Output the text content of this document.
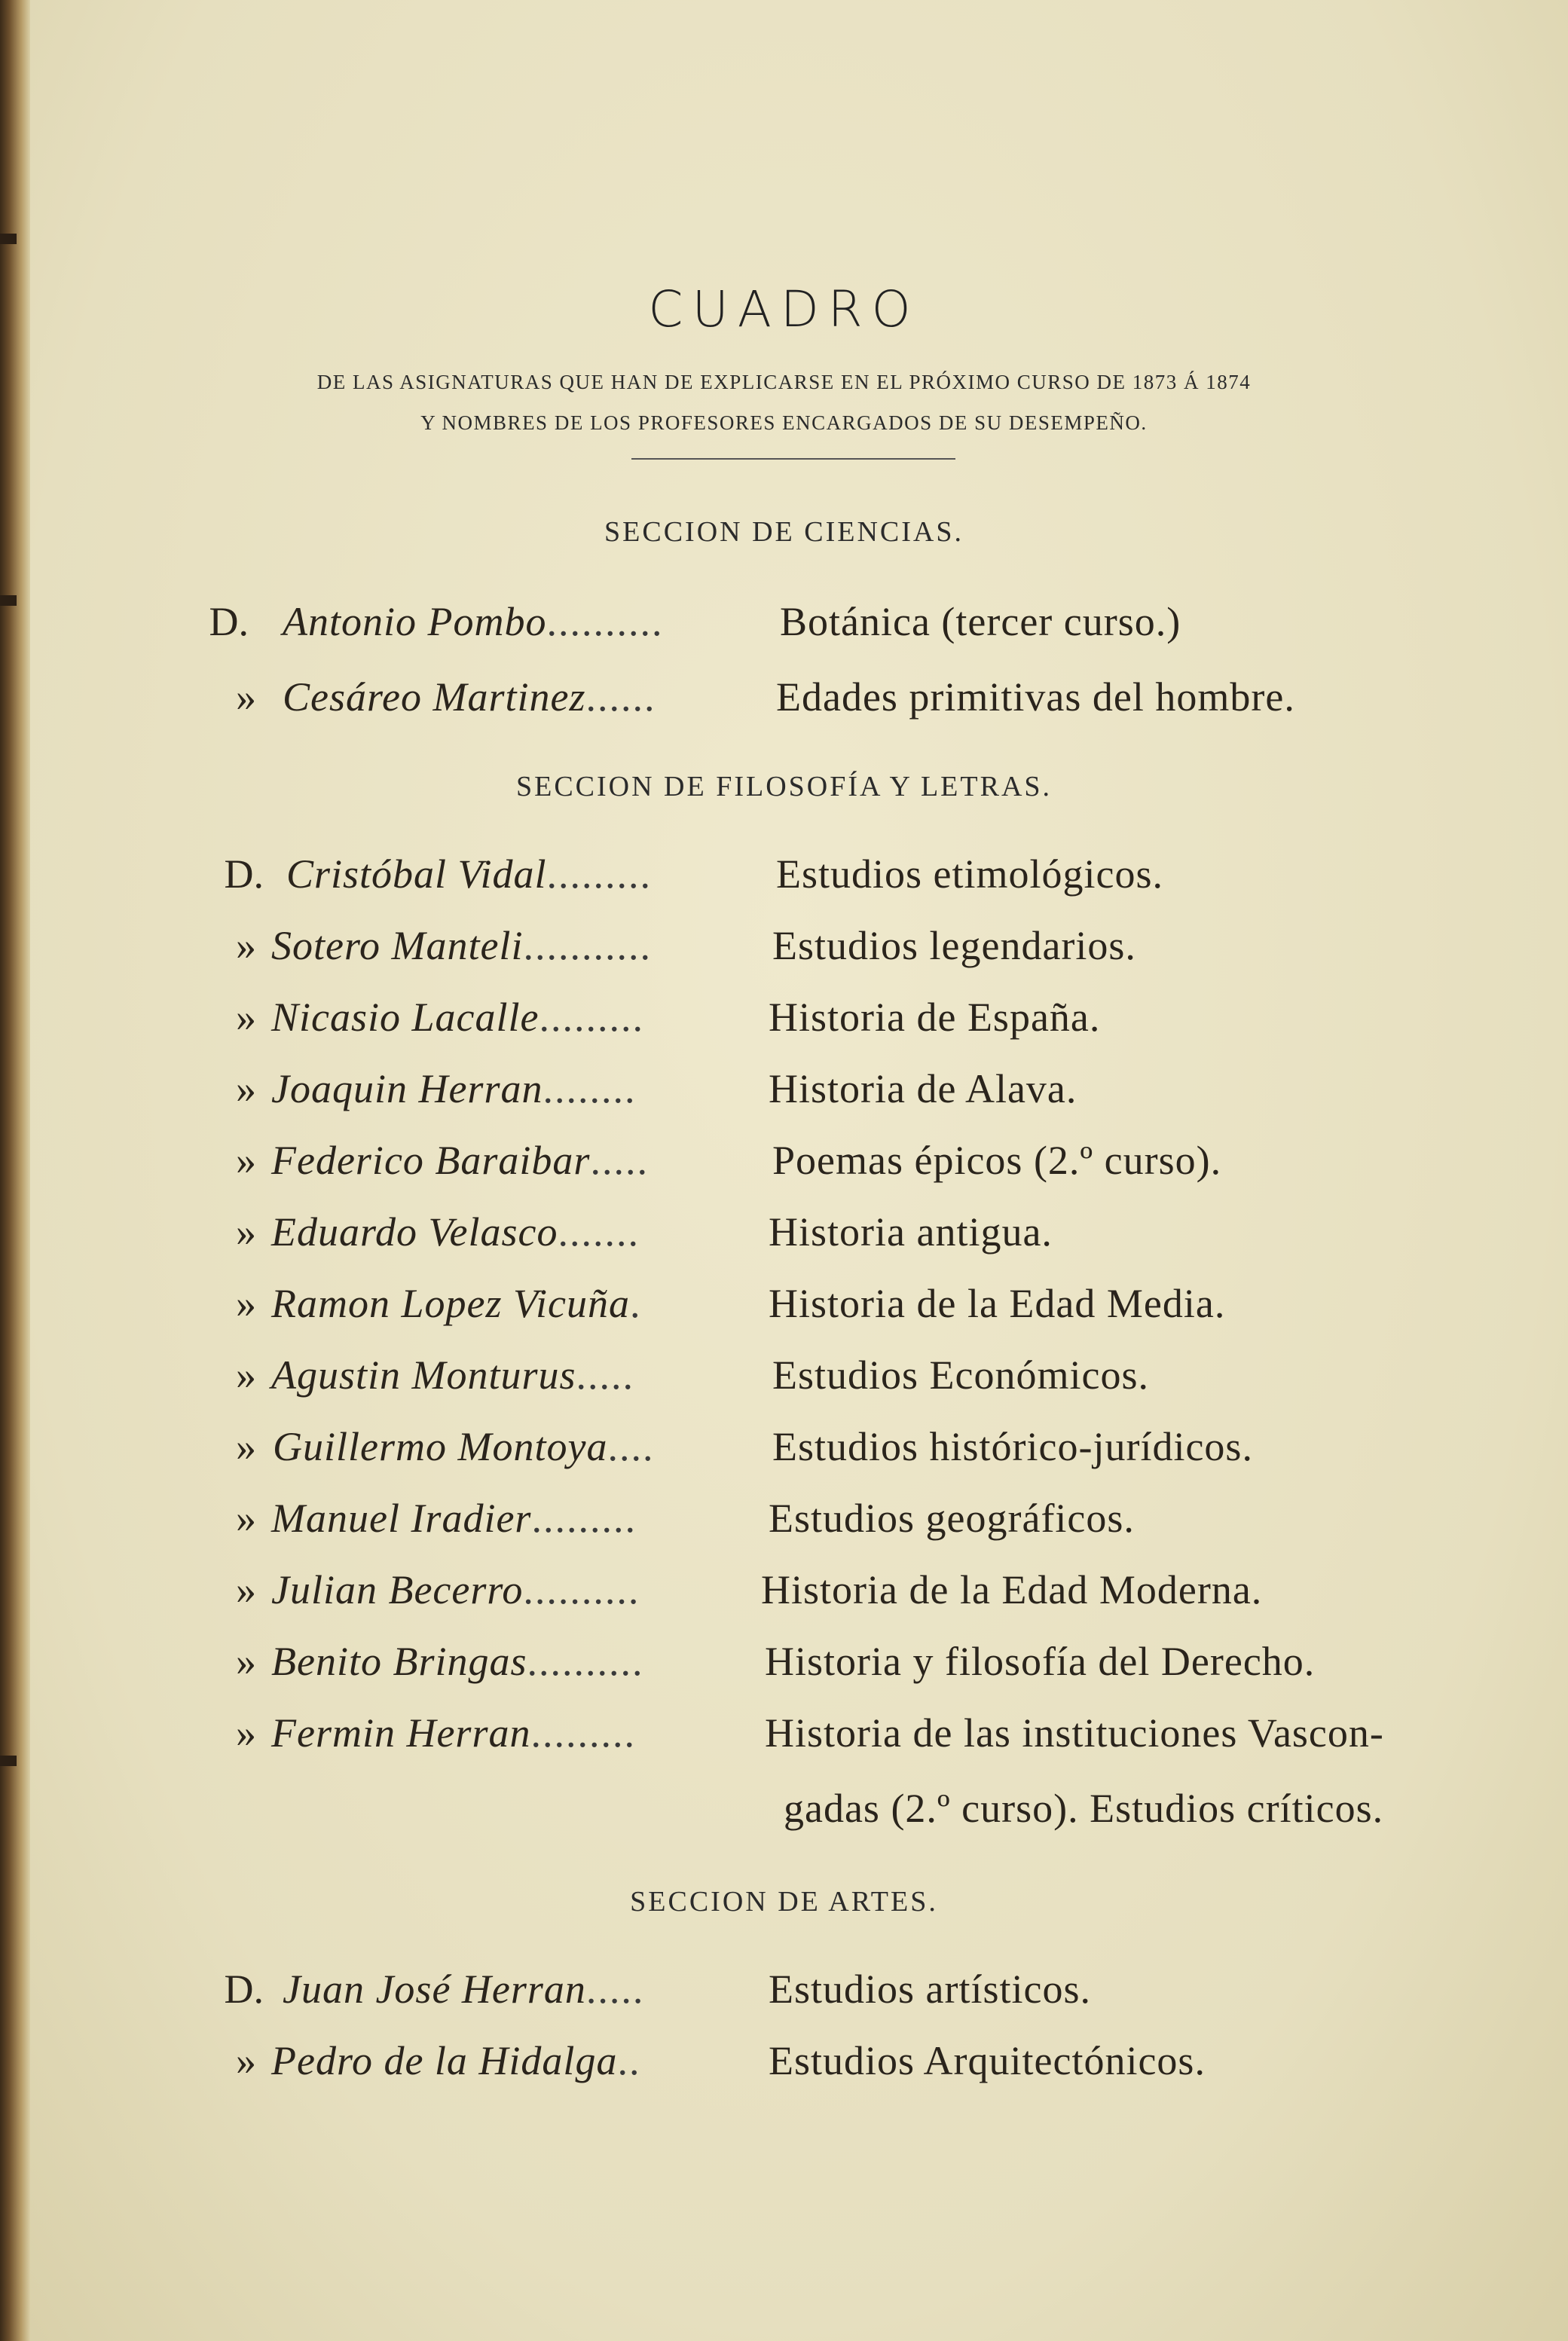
CUADRO
DE LAS ASIGNATURAS QUE HAN DE EXPLICARSE EN EL PRÓXIMO CURSO DE 1873 Á 1874
Y NOMBRES DE LOS PROFESORES ENCARGADOS DE SU DESEMPEÑO.
SECCION DE CIENCIAS.
D. Antonio Pombo..........	Botánica (tercer curso.)
» Cesáreo Martinez......	Edades primitivas del hombre.
SECCION DE FILOSOFÍA Y LETRAS.
D. Cristóbal Vidal.........	Estudios etimológicos.
» Sotero Manteli...........	Estudios legendarios.
» Nicasio Lacalle.........	Historia de España.
» Joaquin Herran........	Historia de Alava.
» Federico Baraibar.....	Poemas épicos (2.º curso).
» Eduardo Velasco.......	Historia antigua.
» Ramon Lopez Vicuña.	Historia de la Edad Media.
» Agustin Monturus.....	Estudios Económicos.
» Guillermo Montoya....	Estudios histórico-jurídicos.
» Manuel Iradier.........	Estudios geográficos.
» Julian Becerro..........	Historia de la Edad Moderna.
» Benito Bringas..........	Historia y filosofía del Derecho.
» Fermin Herran.........	Historia de las instituciones Vascon-
gadas (2.º curso). Estudios críticos.
SECCION DE ARTES.
D. Juan José Herran.....	Estudios artísticos.
» Pedro de la Hidalga..	Estudios Arquitectónicos.
